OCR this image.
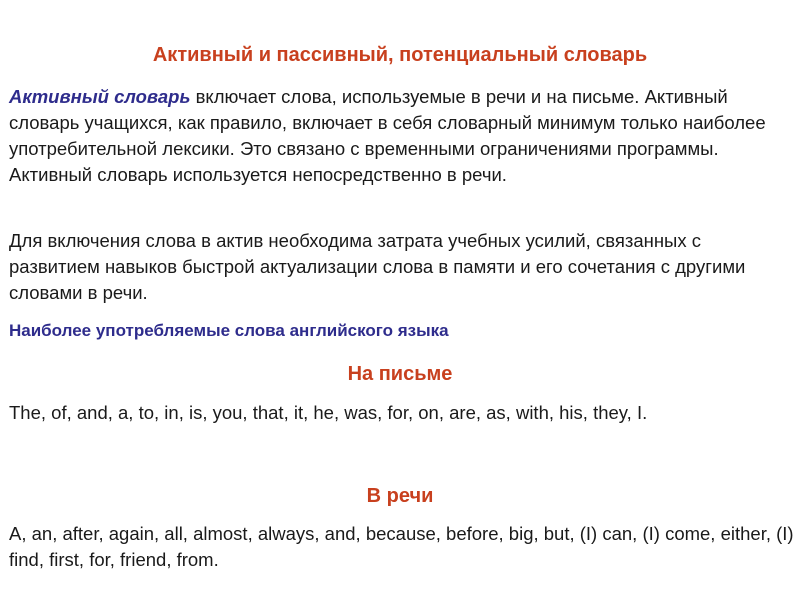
Активный и пассивный, потенциальный словарь

Активный словарь включает слова, используемые в речи и на письме. Активный словарь учащихся, как правило, включает в себя словарный минимум только наиболее употребительной лексики. Это связано с временными ограничениями программы. Активный словарь используется непосредственно в речи.

Для включения слова в актив необходима затрата учебных усилий, связанных с развитием навыков быстрой актуализации слова в памяти и его сочетания с другими словами в речи.

Наиболее употребляемые слова английского языка
На письме

The, of, and, a, to, in, is, you, that, it, he, was, for, on, are, as, with, his, they, I.

В речи

A, an, after, again, all, almost, always, and, because, before, big, but, (I) can, (I) come, either, (I) find, first, for, friend, from.
